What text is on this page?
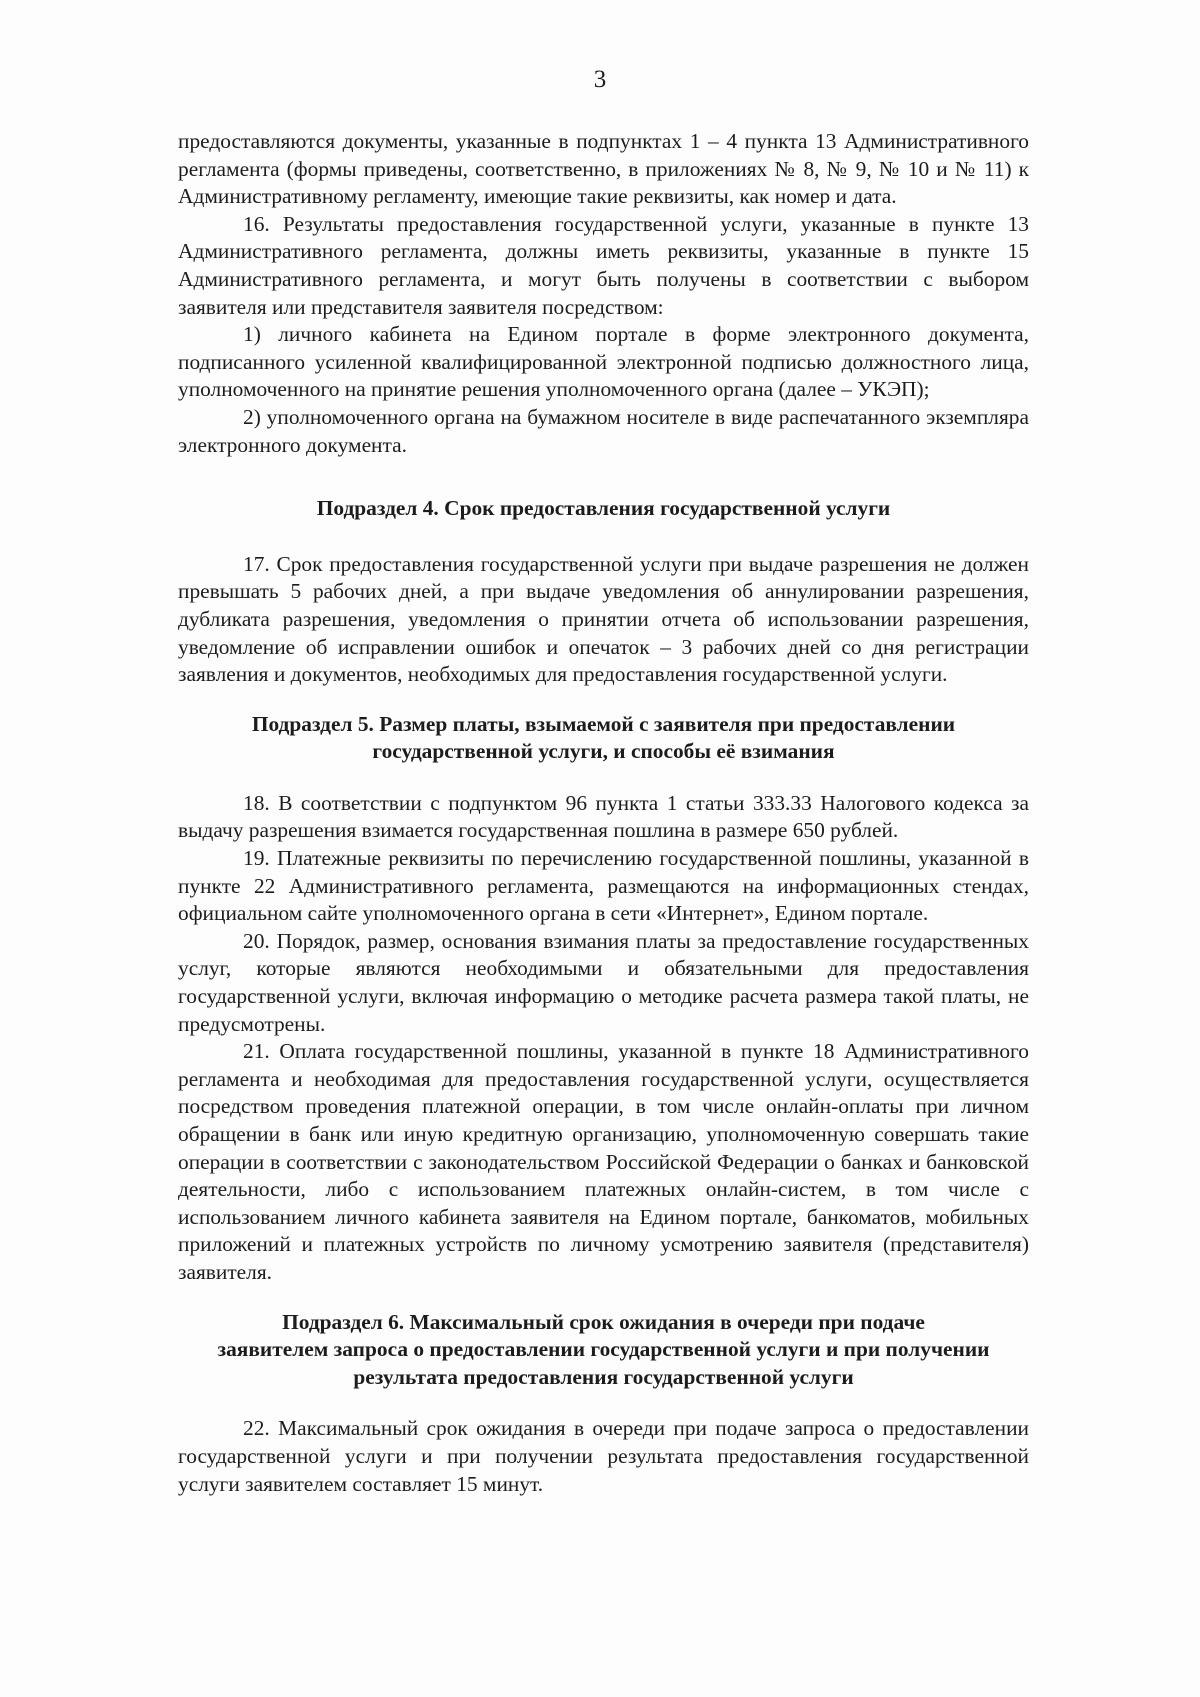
3

предоставляются документы, указанные в подпунктах 1 – 4 пункта 13 Административного регламента (формы приведены, соответственно, в приложениях № 8, № 9, № 10 и № 11) к Административному регламенту, имеющие такие реквизиты, как номер и дата.

16. Результаты предоставления государственной услуги, указанные в пункте 13 Административного регламента, должны иметь реквизиты, указанные в пункте 15 Административного регламента, и могут быть получены в соответствии с выбором заявителя или представителя заявителя посредством:

1) личного кабинета на Едином портале в форме электронного документа, подписанного усиленной квалифицированной электронной подписью должностного лица, уполномоченного на принятие решения уполномоченного органа (далее – УКЭП);

2) уполномоченного органа на бумажном носителе в виде распечатанного экземпляра электронного документа.

Подраздел 4. Срок предоставления государственной услуги

17. Срок предоставления государственной услуги при выдаче разрешения не должен превышать 5 рабочих дней, а при выдаче уведомления об аннулировании разрешения, дубликата разрешения, уведомления о принятии отчета об использовании разрешения, уведомление об исправлении ошибок и опечаток – 3 рабочих дней со дня регистрации заявления и документов, необходимых для предоставления государственной услуги.

Подраздел 5. Размер платы, взымаемой с заявителя при предоставлении
государственной услуги, и способы её взимания

18. В соответствии с подпунктом 96 пункта 1 статьи 333.33 Налогового кодекса за выдачу разрешения взимается государственная пошлина в размере 650 рублей.

19. Платежные реквизиты по перечислению государственной пошлины, указанной в пункте 22 Административного регламента, размещаются на информационных стендах, официальном сайте уполномоченного органа в сети «Интернет», Едином портале.

20. Порядок, размер, основания взимания платы за предоставление государственных услуг, которые являются необходимыми и обязательными для предоставления государственной услуги, включая информацию о методике расчета размера такой платы, не предусмотрены.

21. Оплата государственной пошлины, указанной в пункте 18 Административного регламента и необходимая для предоставления государственной услуги, осуществляется посредством проведения платежной операции, в том числе онлайн-оплаты при личном обращении в банк или иную кредитную организацию, уполномоченную совершать такие операции в соответствии с законодательством Российской Федерации о банках и банковской деятельности, либо с использованием платежных онлайн-систем, в том числе с использованием личного кабинета заявителя на Едином портале, банкоматов, мобильных приложений и платежных устройств по личному усмотрению заявителя (представителя) заявителя.

Подраздел 6. Максимальный срок ожидания в очереди при подаче
заявителем запроса о предоставлении государственной услуги и при получении
результата предоставления государственной услуги

22. Максимальный срок ожидания в очереди при подаче запроса о предоставлении государственной услуги и при получении результата предоставления государственной услуги заявителем составляет 15 минут.
